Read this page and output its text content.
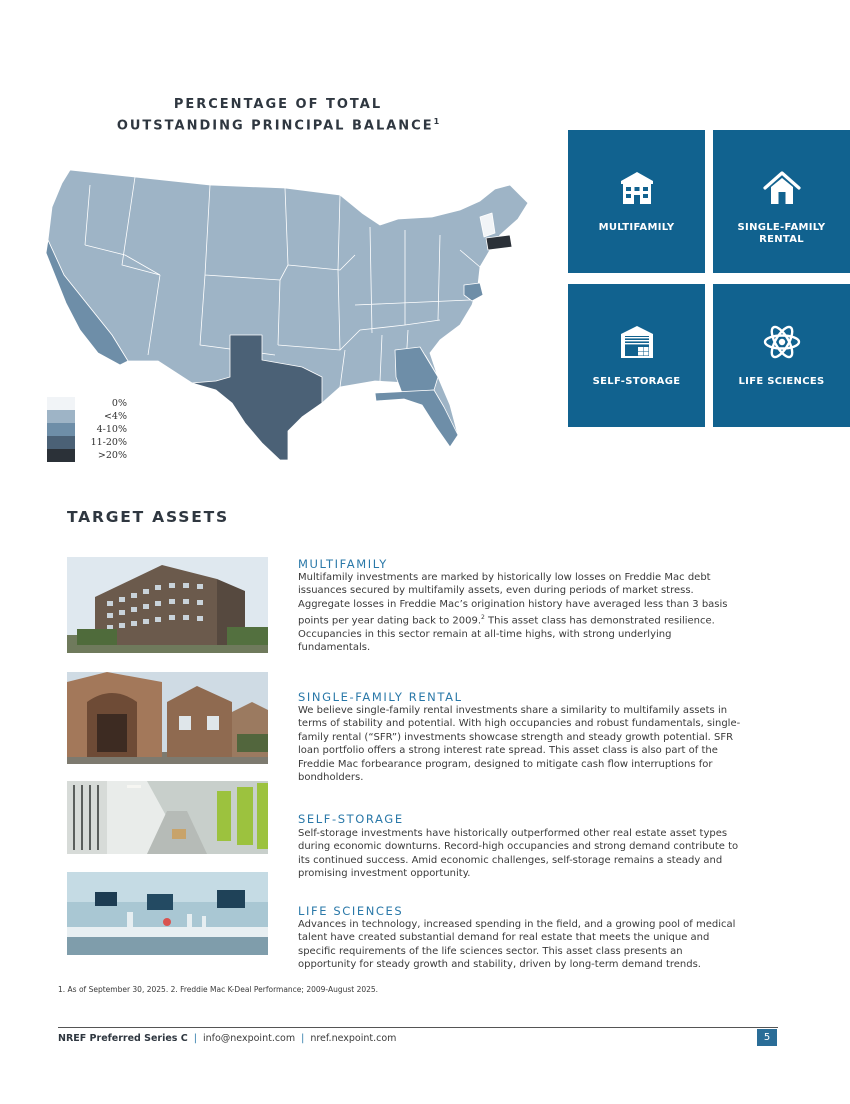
PERCENTAGE OF TOTAL
OUTSTANDING PRINCIPAL BALANCE$^1$
0%
<4%
4-10%
11-20%
>20%
MULTIFAMILY	SINGLE-FAMILY
RENTAL
SELF-STORAGE	LIFE SCIENCES
TARGET ASSETS
MULTIFAMILY
Multifamily investments are marked by historically low losses on Freddie Mac debt issuances secured by multifamily assets, even during periods of market stress. Aggregate losses in Freddie Mac’s origination history have averaged less than 3 basis points per year dating back to 2009.$^2$ This asset class has demonstrated resilience. Occupancies in this sector remain at all-time highs, with strong underlying fundamentals.
SINGLE-FAMILY RENTAL
We believe single-family rental investments share a similarity to multifamily assets in terms of stability and potential. With high occupancies and robust fundamentals, single-family rental (“SFR”) investments showcase strength and steady growth potential. SFR loan portfolio offers a strong interest rate spread. This asset class is also part of the Freddie Mac forbearance program, designed to mitigate cash flow interruptions for bondholders.
SELF-STORAGE
Self-storage investments have historically outperformed other real estate asset types during economic downturns. Record-high occupancies and strong demand contribute to its continued success. Amid economic challenges, self-storage remains a steady and promising investment opportunity.
LIFE SCIENCES
Advances in technology, increased spending in the field, and a growing pool of medical talent have created substantial demand for real estate that meets the unique and specific requirements of the life sciences sector. This asset class presents an opportunity for steady growth and stability, driven by long-term demand trends.
1. As of September 30, 2025. 2. Freddie Mac K-Deal Performance; 2009-August 2025.
NREF Preferred Series C | info@nexpoint.com | nref.nexpoint.com	5
